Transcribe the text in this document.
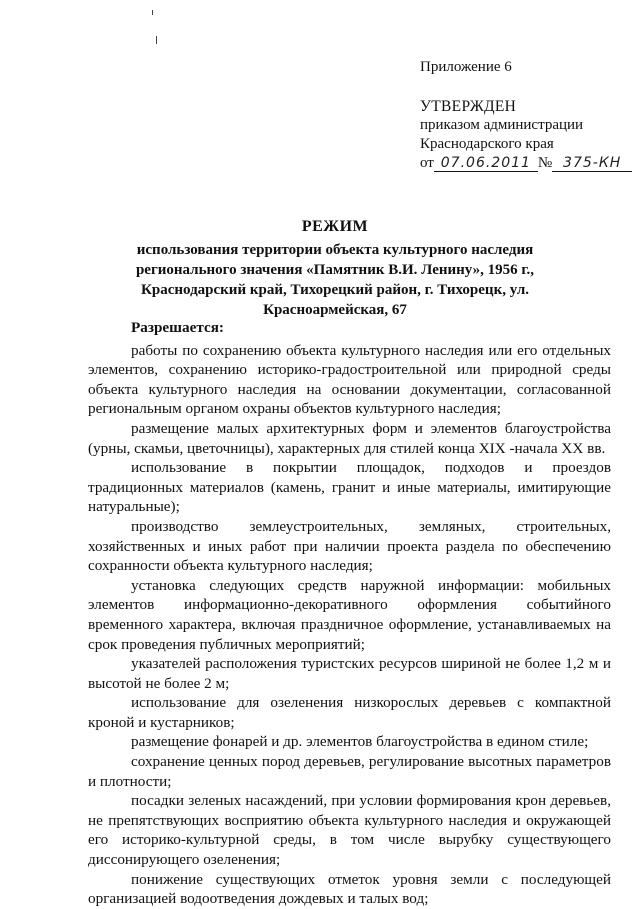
Приложение 6
УТВЕРЖДЕН
приказом администрации
Краснодарского края
от 07.06.2011 № 375-КН
РЕЖИМ
использования территории объекта культурного наследия регионального значения «Памятник В.И. Ленину», 1956 г., Краснодарский край, Тихорецкий район, г. Тихорецк, ул. Красноармейская, 67
Разрешается:

работы по сохранению объекта культурного наследия или его отдельных элементов, сохранению историко-градостроительной или природной среды объекта культурного наследия на основании документации, согласованной региональным органом охраны объектов культурного наследия;

размещение малых архитектурных форм и элементов благоустройства (урны, скамьи, цветочницы), характерных для стилей конца XIX -начала XX вв.

использование в покрытии площадок, подходов и проездов традиционных материалов (камень, гранит и иные материалы, имитирующие натуральные);

производство землеустроительных, земляных, строительных, хозяйственных и иных работ при наличии проекта раздела по обеспечению сохранности объекта культурного наследия;

установка следующих средств наружной информации: мобильных элементов информационно-декоративного оформления событийного временного характера, включая праздничное оформление, устанавливаемых на срок проведения публичных мероприятий;

указателей расположения туристских ресурсов шириной не более 1,2 м и высотой не более 2 м;

использование для озеленения низкорослых деревьев с компактной кроной и кустарников;

размещение фонарей и др. элементов благоустройства в едином стиле;

сохранение ценных пород деревьев, регулирование высотных параметров и плотности;

посадки зеленых насаждений, при условии формирования крон деревьев, не препятствующих восприятию объекта культурного наследия и окружающей его историко-культурной среды, в том числе вырубку существующего диссонирующего озеленения;

понижение существующих отметок уровня земли с последующей организацией водоотведения дождевых и талых вод;
